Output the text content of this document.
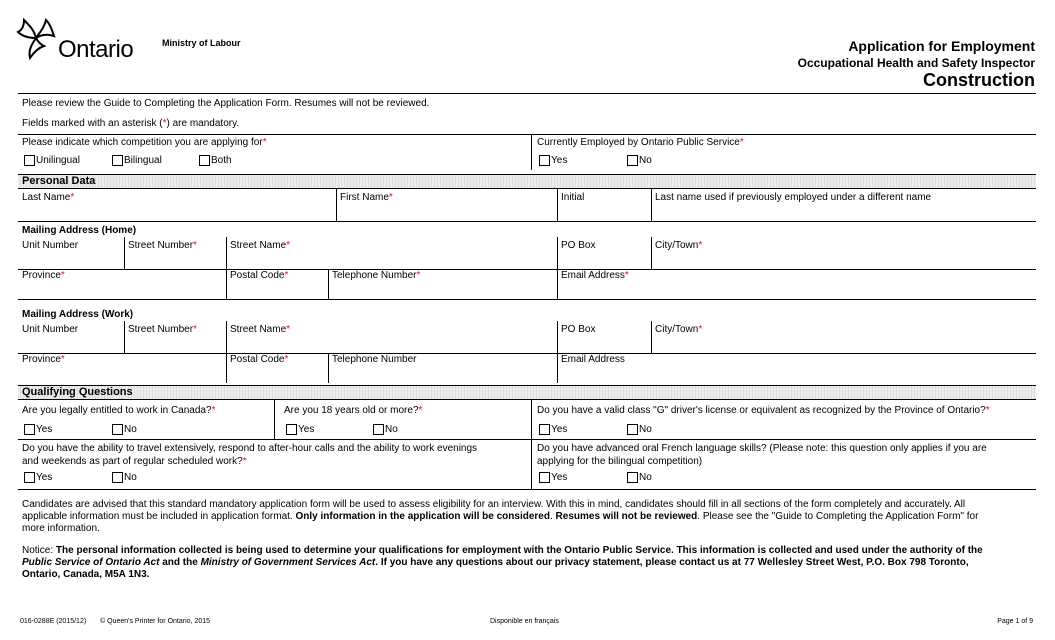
Ontario	Ministry of Labour	Application for Employment
Occupational Health and Safety Inspector
Construction
Please review the Guide to Completing the Application Form. Resumes will not be reviewed.
Fields marked with an asterisk (*) are mandatory.
Please indicate which competition you are applying for*
Unilingual	Bilingual	Both
Currently Employed by Ontario Public Service*
Yes	No
Personal Data
Last Name*	First Name*	Initial	Last name used if previously employed under a different name
Mailing Address (Home)
Unit Number	Street Number*	Street Name*	PO Box	City/Town*
Province*	Postal Code*	Telephone Number*	Email Address*
Mailing Address (Work)
Unit Number	Street Number*	Street Name*	PO Box	City/Town*
Province*	Postal Code*	Telephone Number	Email Address
Qualifying Questions
Are you legally entitled to work in Canada?*	Are you 18 years old or more?*	Do you have a valid class "G" driver's license or equivalent as recognized by the Province of Ontario?*
Yes	No	Yes	No	Yes	No
Do you have the ability to travel extensively, respond to after-hour calls and the ability to work evenings
and weekends as part of regular scheduled work?*
Do you have advanced oral French language skills? (Please note: this question only applies if you are
applying for the bilingual competition)
Yes	No	Yes	No
Candidates are advised that this standard mandatory application form will be used to assess eligibility for an interview. With this in mind, candidates should fill in all sections of the form completely and accurately. All
applicable information must be included in application format. Only information in the application will be considered. Resumes will not be reviewed. Please see the "Guide to Completing the Application Form" for
more information.
Notice: The personal information collected is being used to determine your qualifications for employment with the Ontario Public Service. This information is collected and used under the authority of the
Public Service of Ontario Act and the Ministry of Government Services Act. If you have any questions about our privacy statement, please contact us at 77 Wellesley Street West, P.O. Box 798 Toronto,
Ontario, Canada, M5A 1N3.
016-0288E (2015/12) © Queen's Printer for Ontario, 2015	Disponible en français	Page 1 of 9
